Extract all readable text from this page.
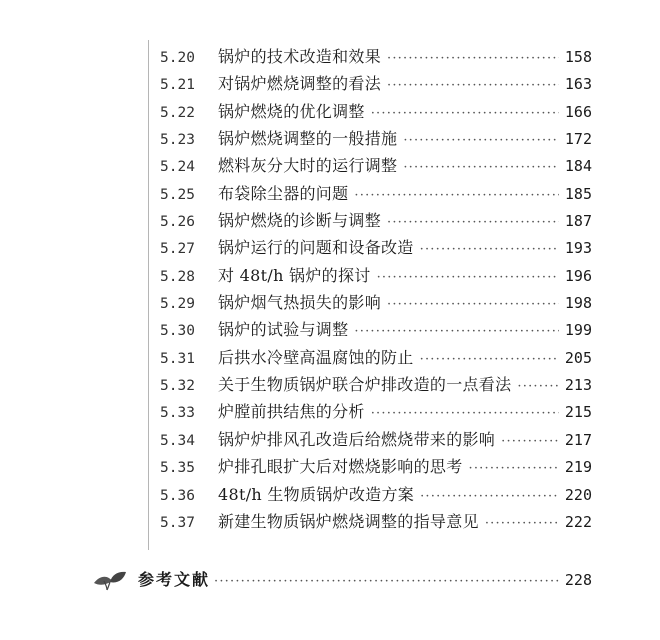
5.20	锅炉的技术改造和效果 ·····	158
5.21	对锅炉燃烧调整的看法 ·····	163
5.22	锅炉燃烧的优化调整 ·····	166
5.23	锅炉燃烧调整的一般措施 ·····	172
5.24	燃料灰分大时的运行调整 ·····	184
5.25	布袋除尘器的问题 ·····	185
5.26	锅炉燃烧的诊断与调整 ·····	187
5.27	锅炉运行的问题和设备改造 ·····	193
5.28	对 48t/h 锅炉的探讨 ·····	196
5.29	锅炉烟气热损失的影响 ·····	198
5.30	锅炉的试验与调整 ·····	199
5.31	后拱水冷壁高温腐蚀的防止 ·····	205
5.32	关于生物质锅炉联合炉排改造的一点看法 ·····	213
5.33	炉膛前拱结焦的分析 ·····	215
5.34	锅炉炉排风孔改造后给燃烧带来的影响 ·····	217
5.35	炉排孔眼扩大后对燃烧影响的思考 ·····	219
5.36	48t/h 生物质锅炉改造方案 ·····	220
5.37	新建生物质锅炉燃烧调整的指导意见 ·····	222
参考文献 ·····	228
